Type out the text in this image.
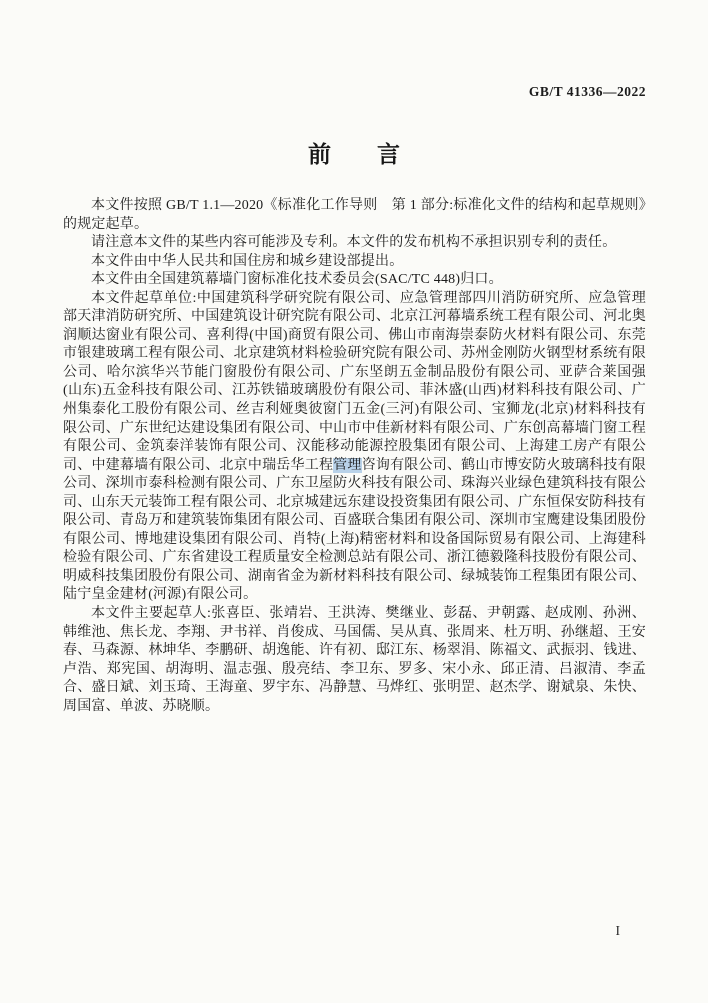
GB/T 41336—2022
前　　言

本文件按照 GB/T 1.1—2020《标准化工作导则　第 1 部分:标准化文件的结构和起草规则》的规定起草。

请注意本文件的某些内容可能涉及专利。本文件的发布机构不承担识别专利的责任。

本文件由中华人民共和国住房和城乡建设部提出。

本文件由全国建筑幕墙门窗标准化技术委员会(SAC/TC 448)归口。

本文件起草单位:中国建筑科学研究院有限公司、应急管理部四川消防研究所、应急管理部天津消防研究所、中国建筑设计研究院有限公司、北京江河幕墙系统工程有限公司、河北奥润顺达窗业有限公司、喜利得(中国)商贸有限公司、佛山市南海崇泰防火材料有限公司、东莞市银建玻璃工程有限公司、北京建筑材料检验研究院有限公司、苏州金刚防火钢型材系统有限公司、哈尔滨华兴节能门窗股份有限公司、广东坚朗五金制品股份有限公司、亚萨合莱国强(山东)五金科技有限公司、江苏铁锚玻璃股份有限公司、菲沐盛(山西)材料科技有限公司、广州集泰化工股份有限公司、丝吉利娅奥彼窗门五金(三河)有限公司、宝狮龙(北京)材料科技有限公司、广东世纪达建设集团有限公司、中山市中佳新材料有限公司、广东创高幕墙门窗工程有限公司、金筑泰洋装饰有限公司、汉能移动能源控股集团有限公司、上海建工房产有限公司、中建幕墙有限公司、北京中瑞岳华工程管理咨询有限公司、鹤山市博安防火玻璃科技有限公司、深圳市泰科检测有限公司、广东卫屋防火科技有限公司、珠海兴业绿色建筑科技有限公司、山东天元装饰工程有限公司、北京城建远东建设投资集团有限公司、广东恒保安防科技有限公司、青岛万和建筑装饰集团有限公司、百盛联合集团有限公司、深圳市宝鹰建设集团股份有限公司、博地建设集团有限公司、肖特(上海)精密材料和设备国际贸易有限公司、上海建科检验有限公司、广东省建设工程质量安全检测总站有限公司、浙江德毅隆科技股份有限公司、明威科技集团股份有限公司、湖南省金为新材料科技有限公司、绿城装饰工程集团有限公司、陆宁皇金建材(河源)有限公司。

本文件主要起草人:张喜臣、张靖岩、王洪涛、樊继业、彭磊、尹朝露、赵成刚、孙洲、韩维池、焦长龙、李翔、尹书祥、肖俊成、马国儒、吴从真、张周来、杜万明、孙继超、王安春、马森源、林坤华、李鹏研、胡逸能、许有初、邸江东、杨翠涓、陈福文、武振羽、钱进、卢浩、郑宪国、胡海明、温志强、殷亮结、李卫东、罗多、宋小永、邱正清、吕淑清、李孟合、盛日斌、刘玉琦、王海童、罗宇东、冯静慧、马烨红、张明罡、赵杰学、谢斌泉、朱快、周国富、单波、苏晓顺。

I
